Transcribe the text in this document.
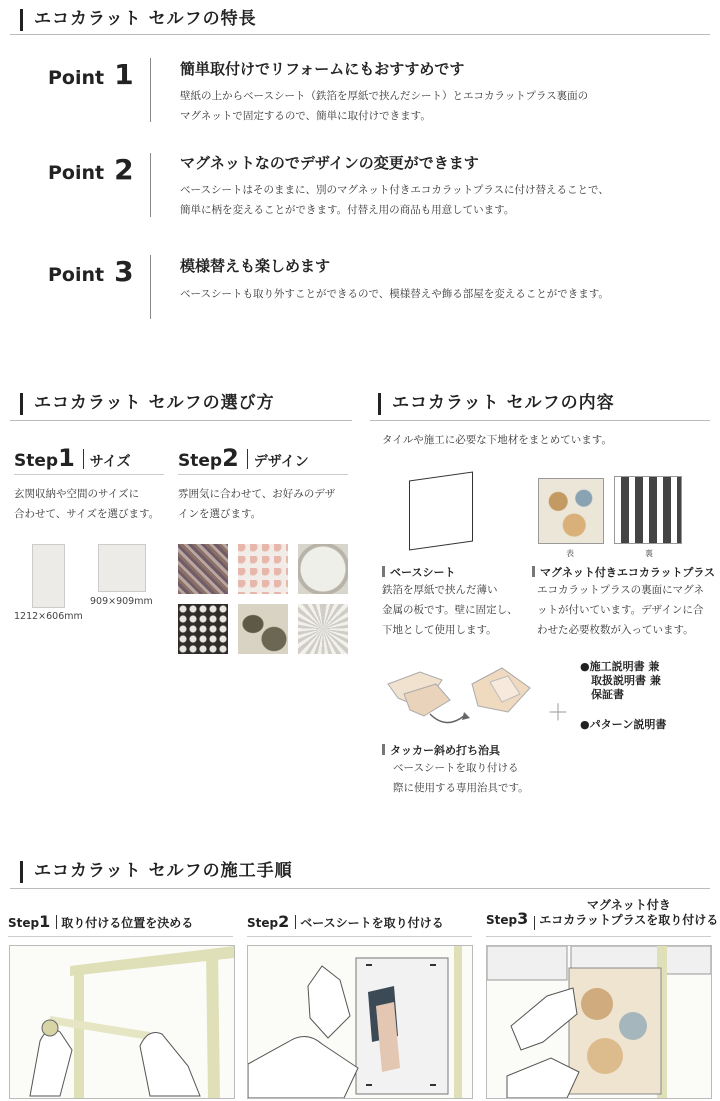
エコカラット セルフの特長
Point 1	簡単取付けでリフォームにもおすすめです
壁紙の上からベースシート（鉄箔を厚紙で挟んだシート）とエコカラットプラス裏面の
マグネットで固定するので、簡単に取付けできます。
Point 2	マグネットなのでデザインの変更ができます
ベースシートはそのままに、別のマグネット付きエコカラットプラスに付け替えることで、
簡単に柄を変えることができます。付替え用の商品も用意しています。
Point 3	模様替えも楽しめます
ベースシートも取り外すことができるので、模様替えや飾る部屋を変えることができます。
エコカラット セルフの選び方
Step1 サイズ
玄関収納や空間のサイズに
合わせて、サイズを選びます。
1212×606mm
909×909mm
Step2 デザイン
雰囲気に合わせて、お好みのデザ
インを選びます。
エコカラット セルフの内容
タイルや施工に必要な下地材をまとめています。
ベースシート
鉄箔を厚紙で挟んだ薄い
金属の板です。壁に固定し、
下地として使用します。
表	裏
マグネット付きエコカラットプラス
エコカラットプラスの裏面にマグネ
ットが付いています。デザインに合
わせた必要枚数が入っています。
タッカー斜め打ち治具
ベースシートを取り付ける
際に使用する専用治具です。
＋
●施工説明書 兼
　取扱説明書 兼
　保証書
●パターン説明書
エコカラット セルフの施工手順
Step1 取り付ける位置を決める	Step2 ベースシートを取り付ける	Step3
マグネット付き
エコカラットプラスを取り付ける
